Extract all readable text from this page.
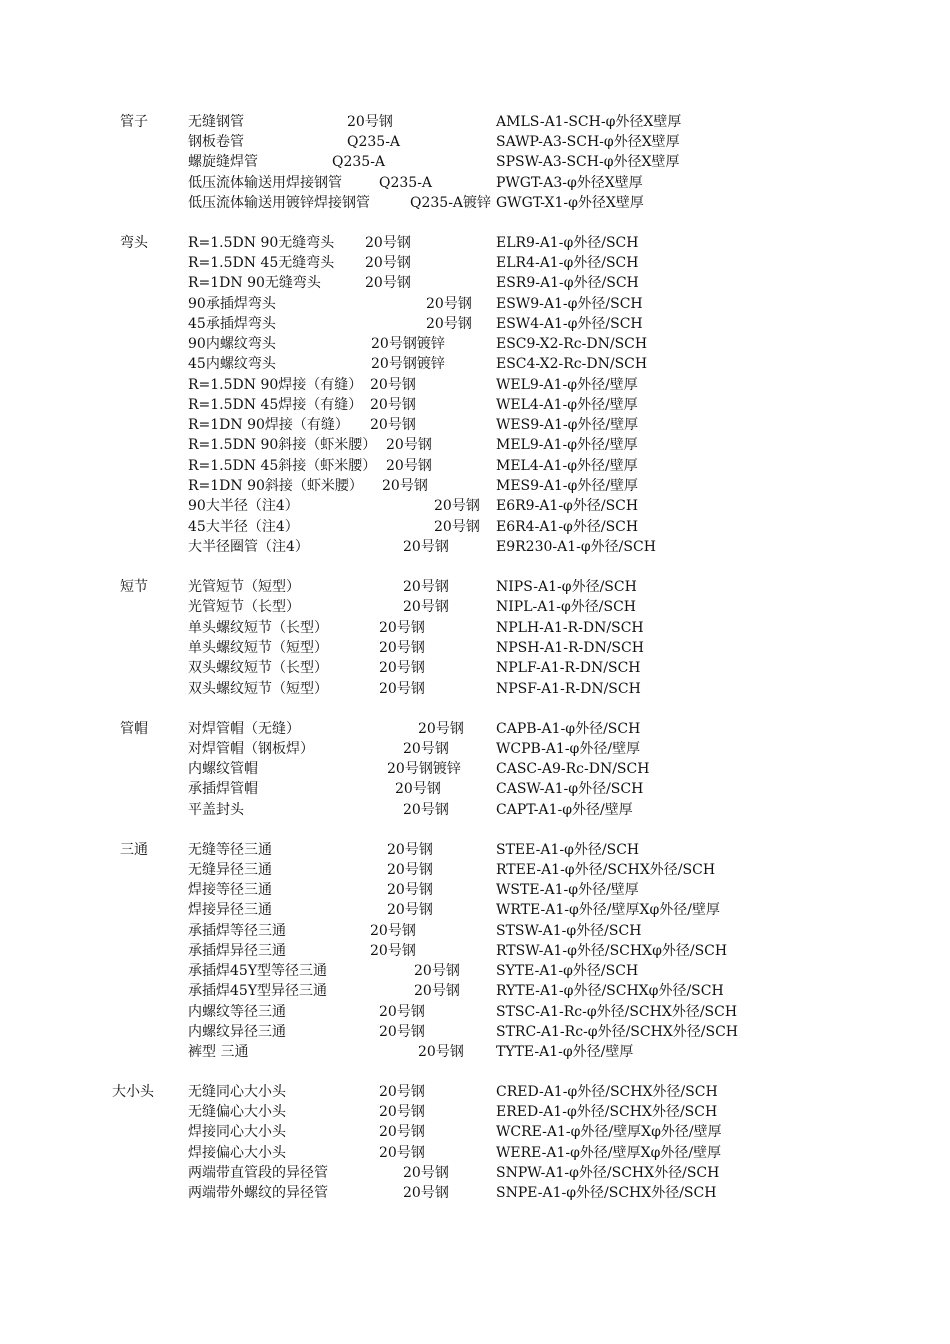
管子	无缝钢管	20号钢	AMLS-A1-SCH-φ外径X壁厚
钢板卷管	Q235-A	SAWP-A3-SCH-φ外径X壁厚
螺旋缝焊管	Q235-A	SPSW-A3-SCH-φ外径X壁厚
低压流体输送用焊接钢管	Q235-A	PWGT-A3-φ外径X壁厚
低压流体输送用镀锌焊接钢管	Q235-A镀锌 GWGT-X1-φ外径X壁厚
弯头	R=1.5DN 90无缝弯头 20号钢	ELR9-A1-φ外径/SCH
R=1.5DN 45无缝弯头 20号钢	ELR4-A1-φ外径/SCH
R=1DN 90无缝弯头	20号钢	ESR9-A1-φ外径/SCH
90承插焊弯头	20号钢 ESW9-A1-φ外径/SCH
45承插焊弯头	20号钢 ESW4-A1-φ外径/SCH
90内螺纹弯头	20号钢镀锌	ESC9-X2-Rc-DN/SCH
45内螺纹弯头	20号钢镀锌	ESC4-X2-Rc-DN/SCH
R=1.5DN 90焊接（有缝） 20号钢	WEL9-A1-φ外径/壁厚
R=1.5DN 45焊接（有缝） 20号钢	WEL4-A1-φ外径/壁厚
R=1DN 90焊接（有缝） 20号钢	WES9-A1-φ外径/壁厚
R=1.5DN 90斜接（虾米腰） 20号钢	MEL9-A1-φ外径/壁厚
R=1.5DN 45斜接（虾米腰） 20号钢	MEL4-A1-φ外径/壁厚
R=1DN 90斜接（虾米腰） 20号钢	MES9-A1-φ外径/壁厚
90大半径（注4）	20号钢 E6R9-A1-φ外径/SCH
45大半径（注4）	20号钢 E6R4-A1-φ外径/SCH
大半径圈管（注4）	20号钢	E9R230-A1-φ外径/SCH
短节	光管短节（短型）	20号钢	NIPS-A1-φ外径/SCH
光管短节（长型）	20号钢	NIPL-A1-φ外径/SCH
单头螺纹短节（长型）	20号钢	NPLH-A1-R-DN/SCH
单头螺纹短节（短型）	20号钢	NPSH-A1-R-DN/SCH
双头螺纹短节（长型）	20号钢	NPLF-A1-R-DN/SCH
双头螺纹短节（短型）	20号钢	NPSF-A1-R-DN/SCH
管帽	对焊管帽（无缝）	20号钢 CAPB-A1-φ外径/SCH
对焊管帽（钢板焊）	20号钢	WCPB-A1-φ外径/壁厚
内螺纹管帽	20号钢镀锌	CASC-A9-Rc-DN/SCH
承插焊管帽	20号钢	CASW-A1-φ外径/SCH
平盖封头	20号钢	CAPT-A1-φ外径/壁厚
三通	无缝等径三通	20号钢	STEE-A1-φ外径/SCH
无缝异径三通	20号钢	RTEE-A1-φ外径/SCHX外径/SCH
焊接等径三通	20号钢	WSTE-A1-φ外径/壁厚
焊接异径三通	20号钢	WRTE-A1-φ外径/壁厚Xφ外径/壁厚
承插焊等径三通	20号钢	STSW-A1-φ外径/SCH
承插焊异径三通	20号钢	RTSW-A1-φ外径/SCHXφ外径/SCH
承插焊45Y型等径三通	20号钢	SYTE-A1-φ外径/SCH
承插焊45Y型异径三通	20号钢	RYTE-A1-φ外径/SCHXφ外径/SCH
内螺纹等径三通	20号钢	STSC-A1-Rc-φ外径/SCHX外径/SCH
内螺纹异径三通	20号钢	STRC-A1-Rc-φ外径/SCHX外径/SCH
裤型 三通	20号钢 TYTE-A1-φ外径/壁厚
大小头 无缝同心大小头	20号钢	CRED-A1-φ外径/SCHX外径/SCH
无缝偏心大小头	20号钢	ERED-A1-φ外径/SCHX外径/SCH
焊接同心大小头	20号钢	WCRE-A1-φ外径/壁厚Xφ外径/壁厚
焊接偏心大小头	20号钢	WERE-A1-φ外径/壁厚Xφ外径/壁厚
两端带直管段的异径管	20号钢	SNPW-A1-φ外径/SCHX外径/SCH
两端带外螺纹的异径管	20号钢	SNPE-A1-φ外径/SCHX外径/SCH
